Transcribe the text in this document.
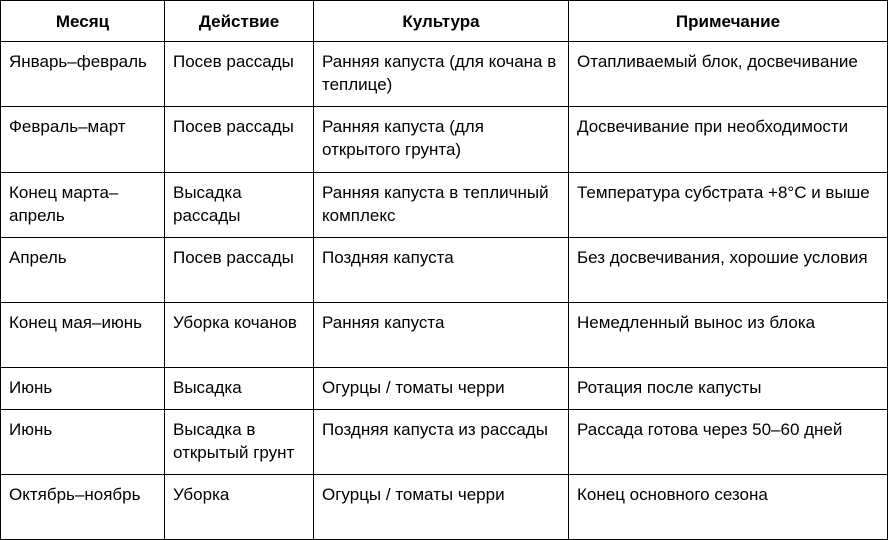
Месяц	Действие	Культура	Примечание
Январь–февраль	Посев рассады	Ранняя капуста (для кочана в теплице)	Отапливаемый блок, досвечивание
Февраль–март	Посев рассады	Ранняя капуста (для открытого грунта)	Досвечивание при необходимости
Конец марта–апрель	Высадка рассады	Ранняя капуста в тепличный комплекс	Температура субстрата +8°C и выше
Апрель	Посев рассады	Поздняя капуста	Без досвечивания, хорошие условия
Конец мая–июнь	Уборка кочанов	Ранняя капуста	Немедленный вынос из блока
Июнь	Высадка	Огурцы / томаты черри	Ротация после капусты
Июнь	Высадка в открытый грунт	Поздняя капуста из рассады	Рассада готова через 50–60 дней
Октябрь–ноябрь	Уборка	Огурцы / томаты черри	Конец основного сезона
